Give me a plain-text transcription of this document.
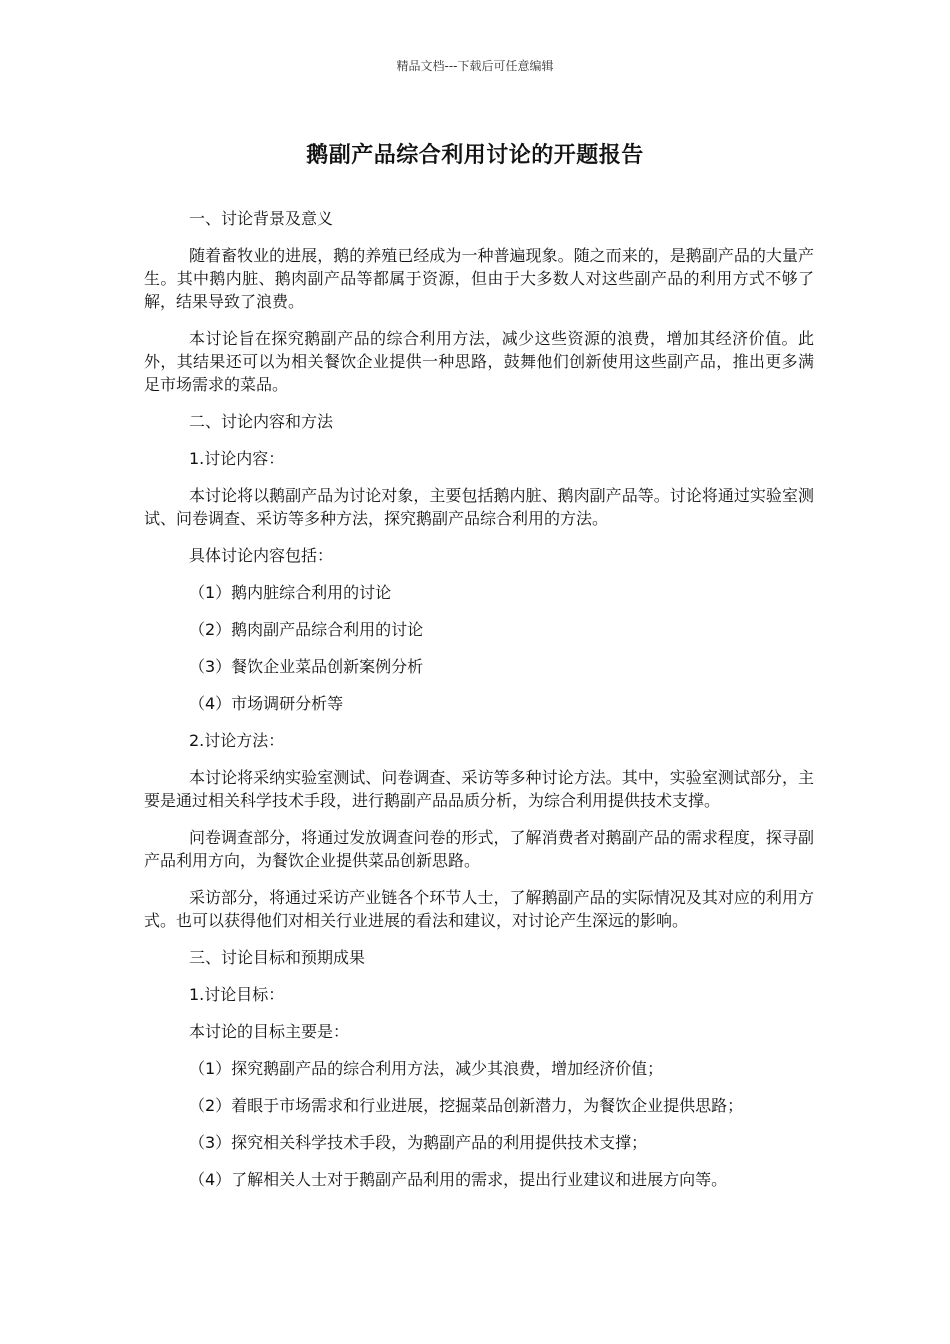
精品文档---下载后可任意编辑
鹅副产品综合利用讨论的开题报告

一、讨论背景及意义

随着畜牧业的进展，鹅的养殖已经成为一种普遍现象。随之而来的，是鹅副产品的大量产生。其中鹅内脏、鹅肉副产品等都属于资源，但由于大多数人对这些副产品的利用方式不够了解，结果导致了浪费。

本讨论旨在探究鹅副产品的综合利用方法，减少这些资源的浪费，增加其经济价值。此外，其结果还可以为相关餐饮企业提供一种思路，鼓舞他们创新使用这些副产品，推出更多满足市场需求的菜品。

二、讨论内容和方法

1.讨论内容：

本讨论将以鹅副产品为讨论对象，主要包括鹅内脏、鹅肉副产品等。讨论将通过实验室测试、问卷调查、采访等多种方法，探究鹅副产品综合利用的方法。

具体讨论内容包括：

（1）鹅内脏综合利用的讨论

（2）鹅肉副产品综合利用的讨论

（3）餐饮企业菜品创新案例分析

（4）市场调研分析等

2.讨论方法：

本讨论将采纳实验室测试、问卷调查、采访等多种讨论方法。其中，实验室测试部分，主要是通过相关科学技术手段，进行鹅副产品品质分析，为综合利用提供技术支撑。

问卷调查部分，将通过发放调查问卷的形式，了解消费者对鹅副产品的需求程度，探寻副产品利用方向，为餐饮企业提供菜品创新思路。

采访部分，将通过采访产业链各个环节人士，了解鹅副产品的实际情况及其对应的利用方式。也可以获得他们对相关行业进展的看法和建议，对讨论产生深远的影响。

三、讨论目标和预期成果

1.讨论目标：

本讨论的目标主要是：

（1）探究鹅副产品的综合利用方法，减少其浪费，增加经济价值；

（2）着眼于市场需求和行业进展，挖掘菜品创新潜力，为餐饮企业提供思路；

（3）探究相关科学技术手段，为鹅副产品的利用提供技术支撑；

（4）了解相关人士对于鹅副产品利用的需求，提出行业建议和进展方向等。
